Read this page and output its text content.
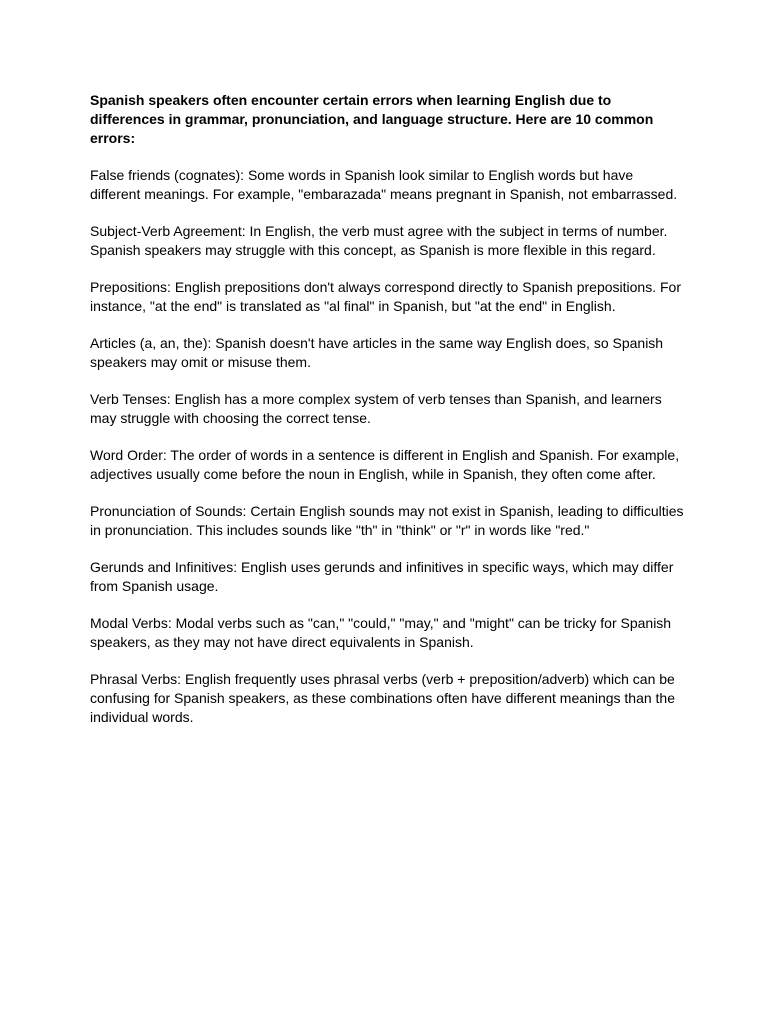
Spanish speakers often encounter certain errors when learning English due to differences in grammar, pronunciation, and language structure. Here are 10 common errors:

False friends (cognates): Some words in Spanish look similar to English words but have different meanings. For example, "embarazada" means pregnant in Spanish, not embarrassed.

Subject-Verb Agreement: In English, the verb must agree with the subject in terms of number. Spanish speakers may struggle with this concept, as Spanish is more flexible in this regard.

Prepositions: English prepositions don't always correspond directly to Spanish prepositions. For instance, "at the end" is translated as "al final" in Spanish, but "at the end" in English.

Articles (a, an, the): Spanish doesn't have articles in the same way English does, so Spanish speakers may omit or misuse them.

Verb Tenses: English has a more complex system of verb tenses than Spanish, and learners may struggle with choosing the correct tense.

Word Order: The order of words in a sentence is different in English and Spanish. For example, adjectives usually come before the noun in English, while in Spanish, they often come after.

Pronunciation of Sounds: Certain English sounds may not exist in Spanish, leading to difficulties in pronunciation. This includes sounds like "th" in "think" or "r" in words like "red."

Gerunds and Infinitives: English uses gerunds and infinitives in specific ways, which may differ from Spanish usage.

Modal Verbs: Modal verbs such as "can," "could," "may," and "might" can be tricky for Spanish speakers, as they may not have direct equivalents in Spanish.

Phrasal Verbs: English frequently uses phrasal verbs (verb + preposition/adverb) which can be confusing for Spanish speakers, as these combinations often have different meanings than the individual words.
